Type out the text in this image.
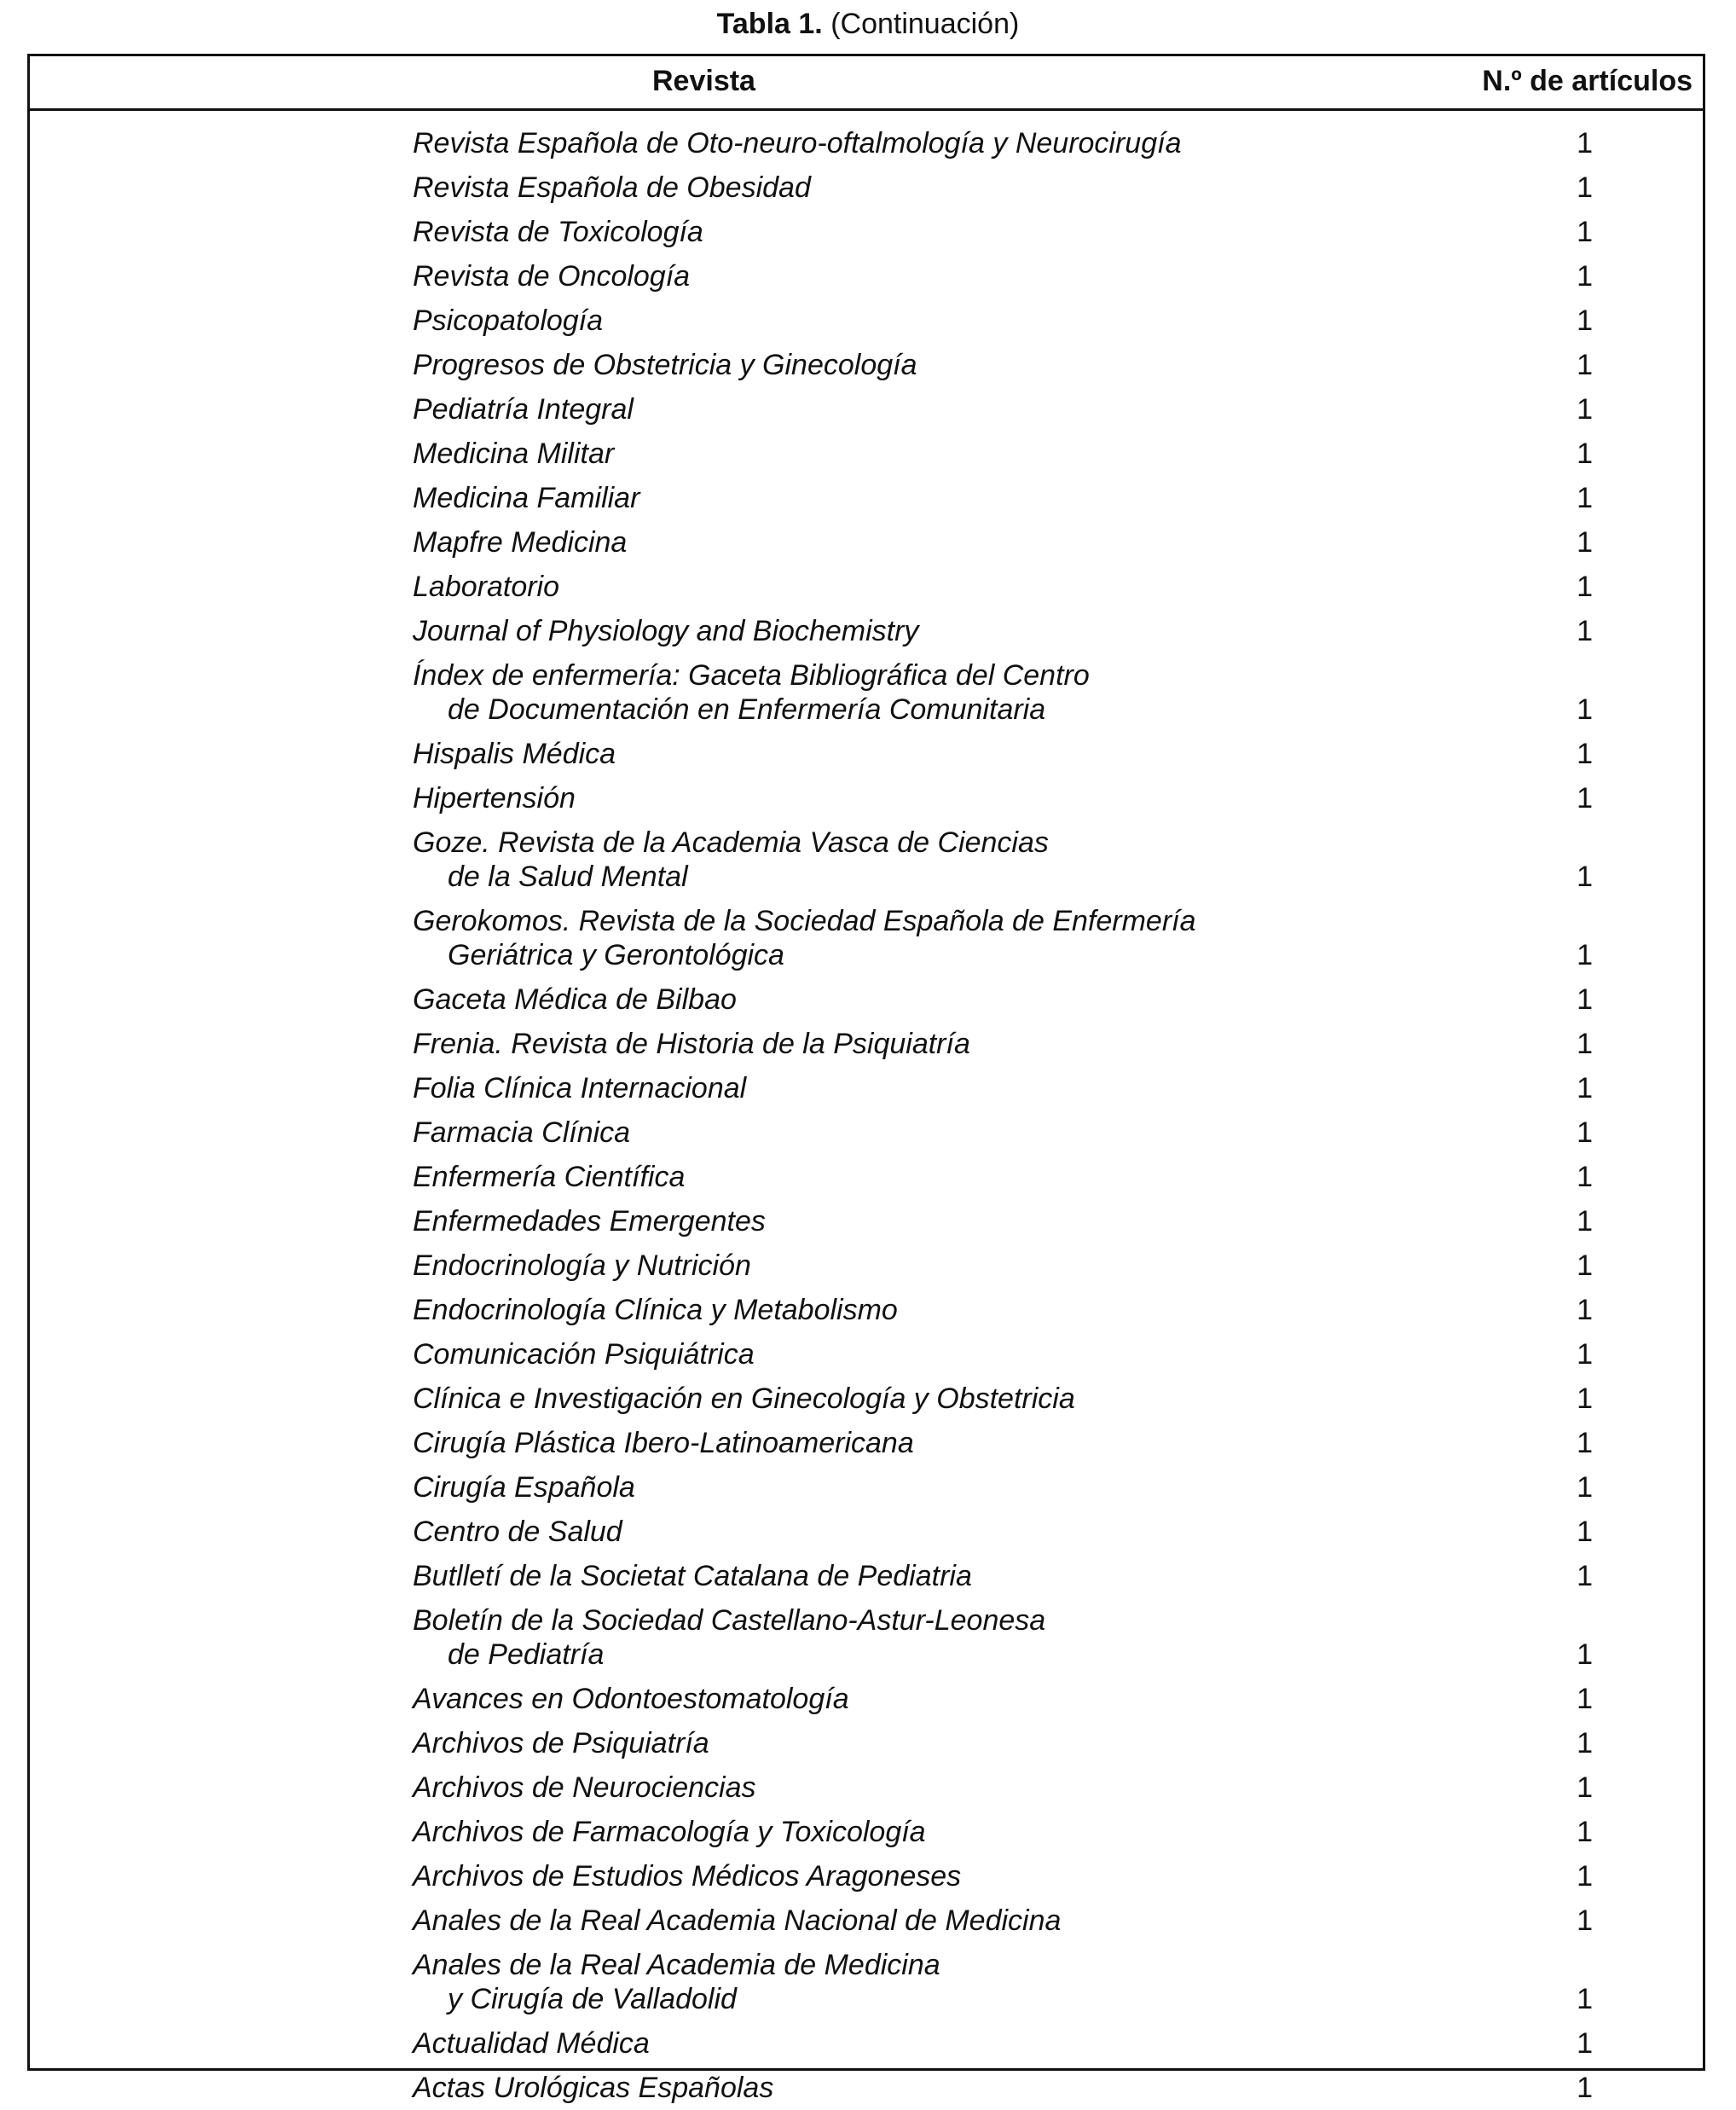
Tabla 1. (Continuación)
Revista	N.º de artículos
Revista Española de Oto-neuro-oftalmología y Neurocirugía	1
Revista Española de Obesidad	1
Revista de Toxicología	1
Revista de Oncología	1
Psicopatología	1
Progresos de Obstetricia y Ginecología	1
Pediatría Integral	1
Medicina Militar	1
Medicina Familiar	1
Mapfre Medicina	1
Laboratorio	1
Journal of Physiology and Biochemistry	1
Índex de enfermería: Gaceta Bibliográfica del Centro
de Documentación en Enfermería Comunitaria	1
Hispalis Médica	1
Hipertensión	1
Goze. Revista de la Academia Vasca de Ciencias
de la Salud Mental	1
Gerokomos. Revista de la Sociedad Española de Enfermería
Geriátrica y Gerontológica	1
Gaceta Médica de Bilbao	1
Frenia. Revista de Historia de la Psiquiatría	1
Folia Clínica Internacional	1
Farmacia Clínica	1
Enfermería Científica	1
Enfermedades Emergentes	1
Endocrinología y Nutrición	1
Endocrinología Clínica y Metabolismo	1
Comunicación Psiquiátrica	1
Clínica e Investigación en Ginecología y Obstetricia	1
Cirugía Plástica Ibero-Latinoamericana	1
Cirugía Española	1
Centro de Salud	1
Butlletí de la Societat Catalana de Pediatria	1
Boletín de la Sociedad Castellano-Astur-Leonesa
de Pediatría	1
Avances en Odontoestomatología	1
Archivos de Psiquiatría	1
Archivos de Neurociencias	1
Archivos de Farmacología y Toxicología	1
Archivos de Estudios Médicos Aragoneses	1
Anales de la Real Academia Nacional de Medicina	1
Anales de la Real Academia de Medicina
y Cirugía de Valladolid	1
Actualidad Médica	1
Actas Urológicas Españolas	1
